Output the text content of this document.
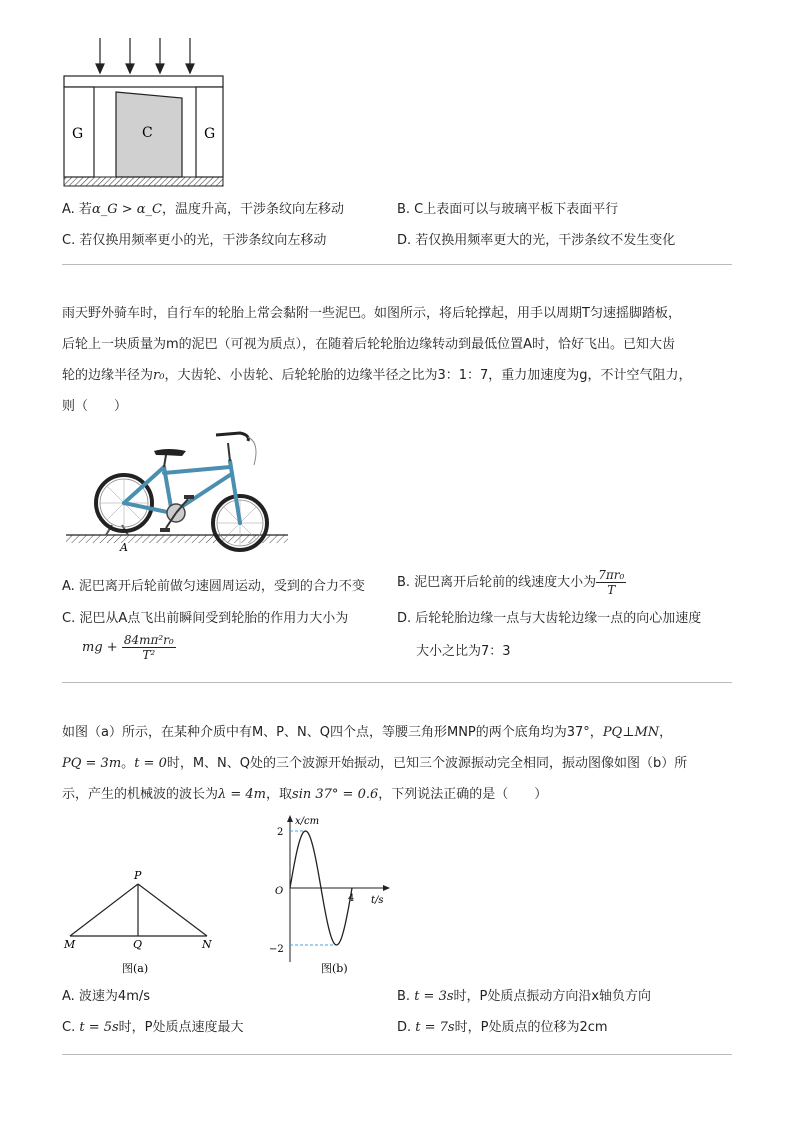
G	C	G
A. 若α_G > α_C，温度升高，干涉条纹向左移动	B. C上表面可以与玻璃平板下表面平行
C. 若仅换用频率更小的光，干涉条纹向左移动	D. 若仅换用频率更大的光，干涉条纹不发生变化
雨天野外骑车时，自行车的轮胎上常会黏附一些泥巴。如图所示，将后轮撑起，用手以周期T匀速摇脚踏板，
后轮上一块质量为m的泥巴（可视为质点），在随着后轮轮胎边缘转动到最低位置A时，恰好飞出。已知大齿
轮的边缘半径为r₀，大齿轮、小齿轮、后轮轮胎的边缘半径之比为3：1：7，重力加速度为g，不计空气阻力，
则（　　）
A
A. 泥巴离开后轮前做匀速圆周运动，受到的合力不变 B. 泥巴离开后轮前的线速度大小为 $\frac{\text{7πr₀}}{T}$
C. 泥巴从A点飞出前瞬间受到轮胎的作用力大小为
mg + $\frac{\text{84mπ²r₀}}{\text{T²}}$
D. 后轮轮胎边缘一点与大齿轮边缘一点的向心加速度
大小之比为7：3
如图（a）所示，在某种介质中有M、P、N、Q四个点，等腰三角形MNP的两个底角均为37°，PQ⊥MN，
PQ = 3m。t = 0时，M、N、Q处的三个波源开始振动，已知三个波源振动完全相同，振动图像如图（b）所
示，产生的机械波的波长为λ = 4m，取sin 37° = 0.6，下列说法正确的是（　　）
P
M	Q	N
图(a)
x/cm
t/s
O
2
−2
4
图(b)
A. 波速为4m/s	B. t = 3s时，P处质点振动方向沿x轴负方向
C. t = 5s时，P处质点速度最大	D. t = 7s时，P处质点的位移为2cm
